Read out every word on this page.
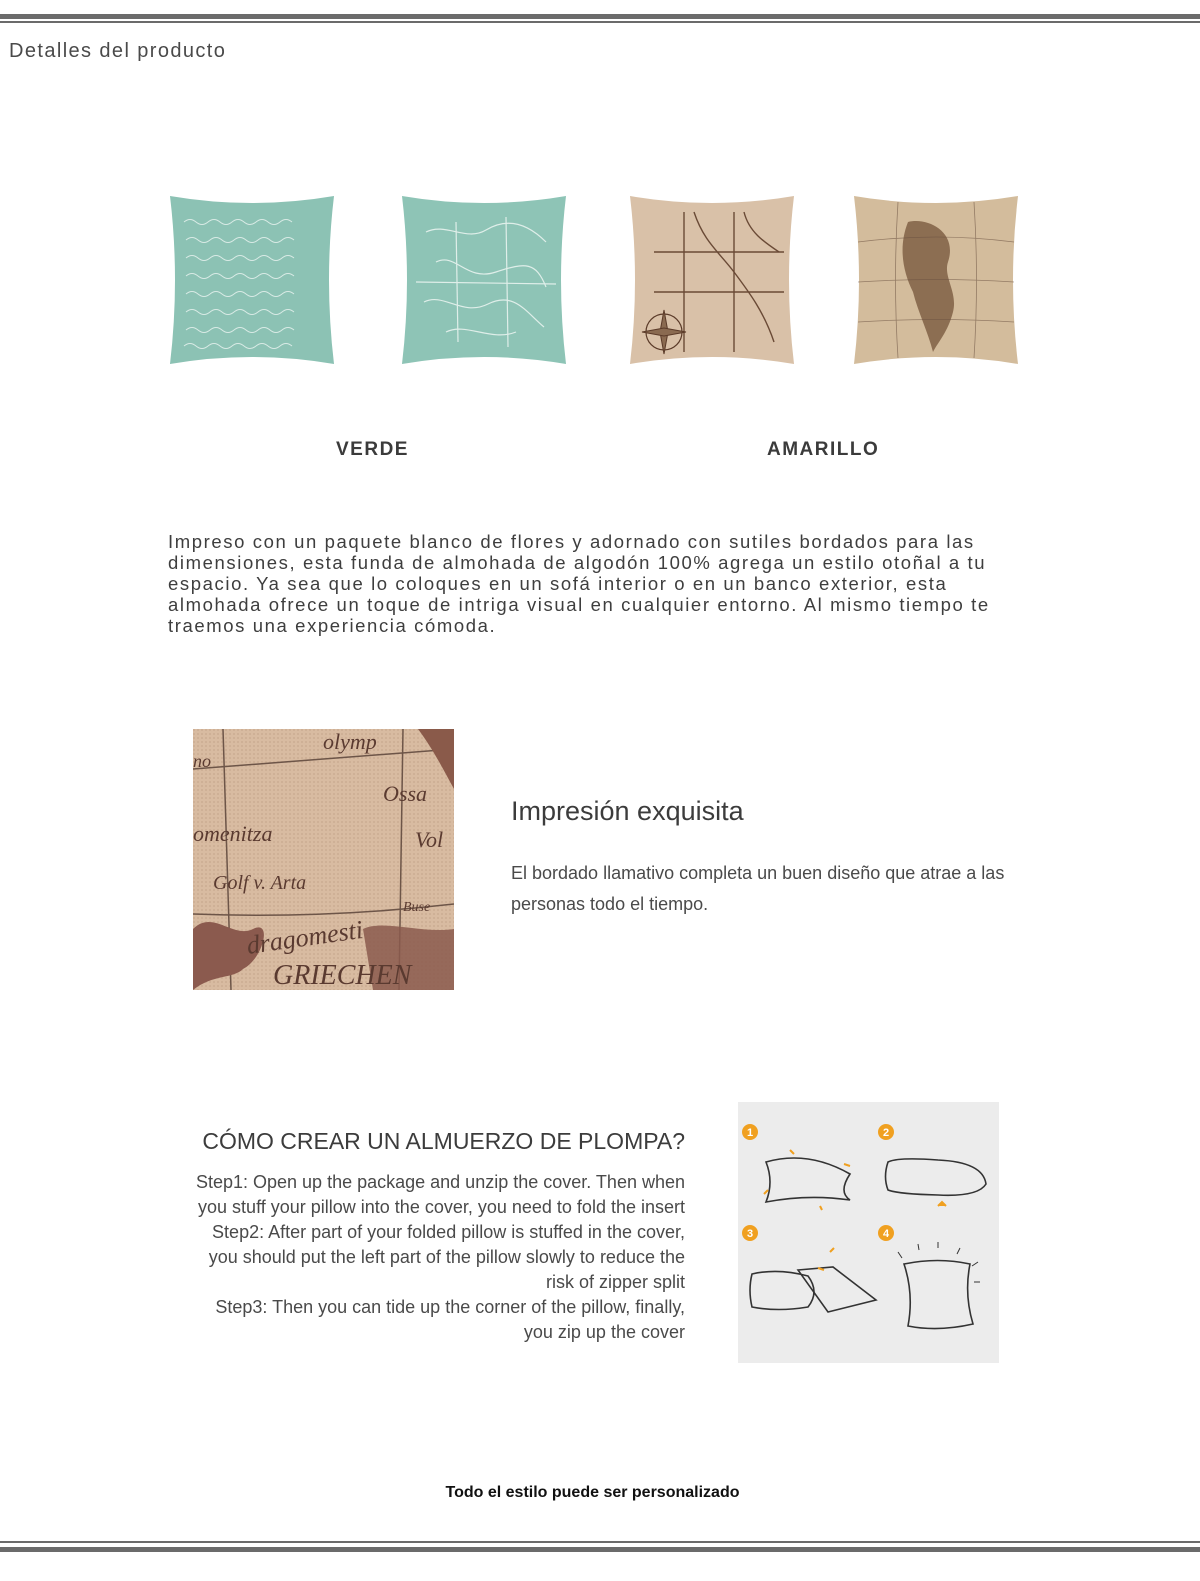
Detalles del producto
VERDE	AMARILLO
Impreso con un paquete blanco de flores y adornado con sutiles bordados para las dimensiones, esta funda de almohada de algodón 100% agrega un estilo otoñal a tu espacio. Ya sea que lo coloques en un sofá interior o en un banco exterior, esta almohada ofrece un toque de intriga visual en cualquier entorno. Al mismo tiempo te traemos una experiencia cómoda.
olymp
no
Ossa
omenitza	Vol
Golf v. Arta
Buse
dragomesti
GRIECHEN
Impresión exquisita
El bordado llamativo completa un buen diseño que atrae a las personas todo el tiempo.
CÓMO CREAR UN ALMUERZO DE PLOMPA?
Step1: Open up the package and unzip the cover. Then when
you stuff your pillow into the cover, you need to fold the insert
Step2: After part of your folded pillow is stuffed in the cover,
you should put the left part of the pillow slowly to reduce the
risk of zipper split
Step3: Then you can tide up the corner of the pillow, finally,
you zip up the cover
1	2
3	4
Todo el estilo puede ser personalizado
